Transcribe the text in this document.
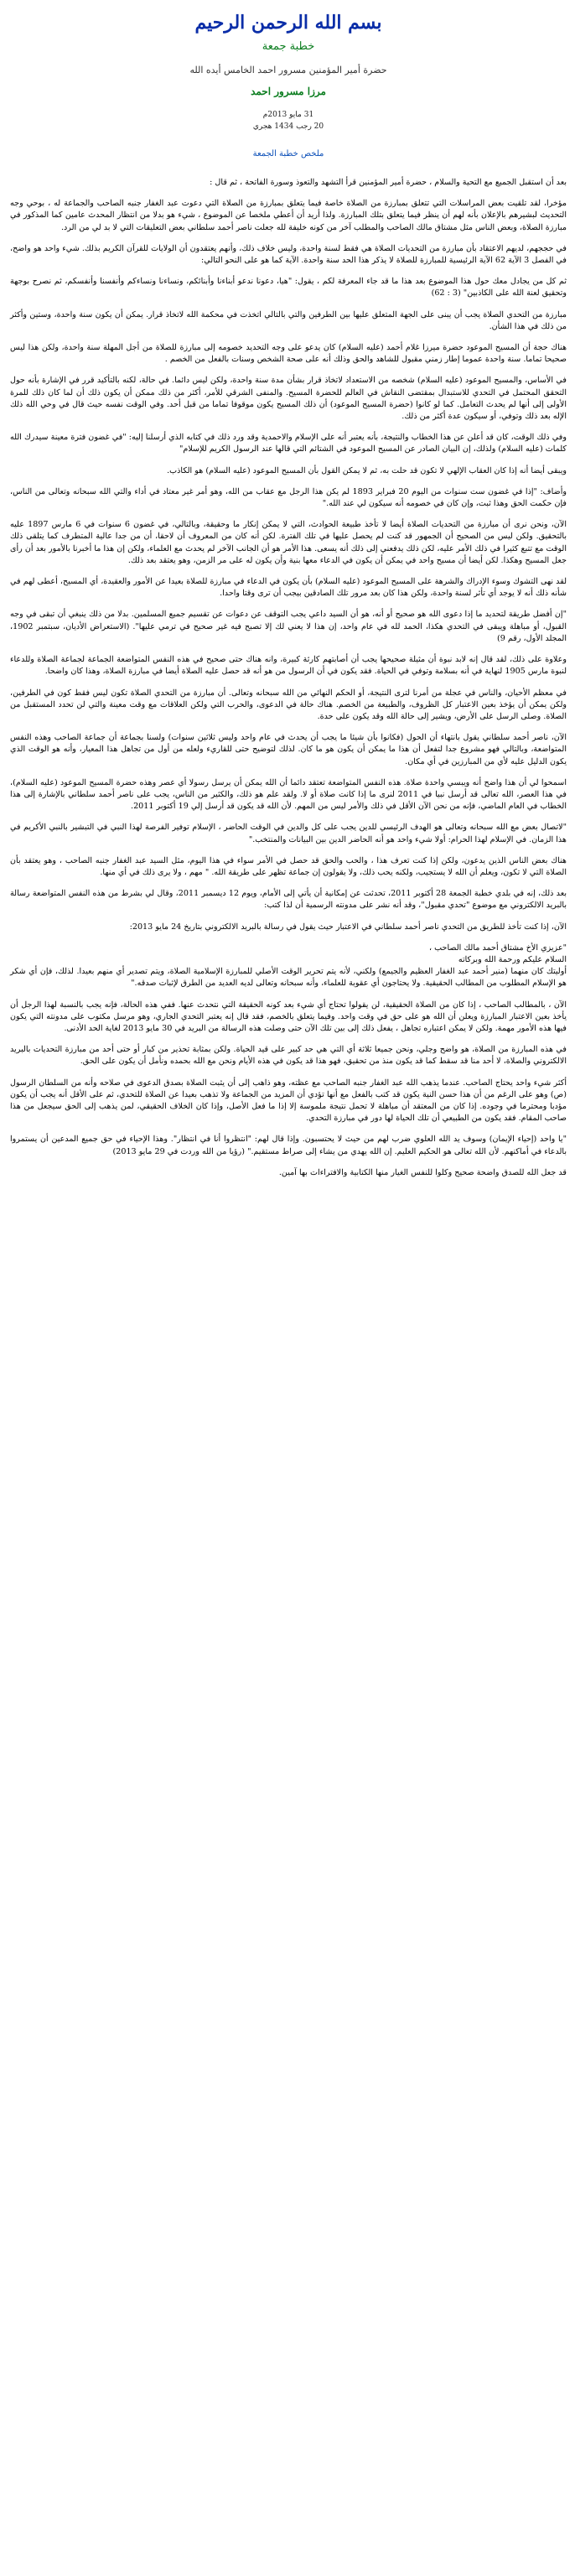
بسم الله الرحمن الرحيم
خطبة جمعة
حضرة أمير المؤمنين مسرور احمد الخامس أيده الله
مرزا مسرور احمد
31 مايو 2013م
20 رجب 1434 هجري
ملخص خطبة الجمعة

بعد أن استقبل الجميع مع التحية والسلام ، حضرة أمير المؤمنين قرأ التشهد والتعوذ وسورة الفاتحة ، ثم قال :

مؤخرا، لقد تلقيت بعض المراسلات التي تتعلق بمبارزة من الصلاة خاصة فيما يتعلق بمبارزة من الصلاة التي دعوت عبد الغفار جنبه الصاحب والجماعة له ، بوحي وجه التحديث لبشيرهم بالإعلان بأنه لهم أن ينظر فيما يتعلق بتلك المبارزة. ولذا أريد أن أعطي ملخصا عن الموضوع ، شيء هو بدلا من انتظار المحدث عامين كما المذكور في مبارزة الصلاة، وبعض الناس مثل مشتاق مالك الصاحب والمطلب آخر من كونه خليفة لله جعلت ناصر أحمد سلطاني بعض التعليقات التي لا بد لي من الرد.

في حججهم، لديهم الاعتقاد بأن مبارزة من التحديات الصلاة هي فقط لسنة واحدة، وليس خلاف ذلك، وأنهم يعتقدون أن الولايات للقرآن الكريم بذلك. شيء واحد هو واضح، في الفصل 3 الآية 62 الآية الرئيسية للمبارزة للصلاة لا يذكر هذا الحد سنة واحدة. الآية كما هو على النحو التالي:

ثم كل من يجادل معك حول هذا الموضوع بعد هذا ما قد جاء المعرفة لكم ، يقول: "هيا، دعونا ندعو أبناءنا وأبنائكم، ونساءنا ونساءكم وأنفسنا وأنفسكم، ثم نصرح بوجهة وتحقيق لعنة الله على الكاذبين" (3 : 62)

مبارزة من التحدي الصلاة يجب أن يبنى على الجهة المتعلق عليها بين الطرفين والتي بالتالي اتخذت في محكمة الله لاتخاذ قرار. يمكن أن يكون سنة واحدة، وستين وأكثر من ذلك في هذا الشأن.

هناك حجة أن المسيح الموعود حضرة ميرزا غلام أحمد (عليه السلام) كان يدعو على وجه التحديد خصومه إلى مبارزة للصلاة من أجل المهلة سنة واحدة، ولكن هذا ليس صحيحا تماما. سنة واحدة عموما إطار زمني مقبول للشاهد والحق وذلك أنه على صحة الشخص وسنات بالفعل من الخصم .

في الأساس، والمسيح الموعود (عليه السلام) شخصه من الاستعداد لاتخاذ قرار بشأن مدة سنة واحدة، ولكن ليس دائما. في حالة، لكنه بالتأكيد قرر في الإشارة بأنه حول التحقق المحتمل في التحدي للاستبدال بمقتضى النقاش في العالم للحضرة المسيح. والمنفى الشرقي للأمر، أكثر من ذلك ممكن أن يكون ذلك أن لما كان ذلك للمرة الأولى إلى أنها لم يحدث التعامل. كما لو كانوا (حضرة المسيح الموعود) أن ذلك المسيح يكون موقوفا تماما من قبل أحد. وفي الوقت نفسه حيث قال في وحي الله ذلك الإله بعد ذلك وتوفي، أو سيكون عدة أكثر من ذلك.

وفي ذلك الوقت، كان قد أعلن عن هذا الخطاب والنتيجة، بأنه يعتبر أنه على الإسلام والاحمدية وقد ورد ذلك في كتابه الذي أرسلنا إليه: "في غضون فترة معينة سيدرك الله كلمات (عليه السلام) ولذلك، إن البيان الصادر عن المسيح الموعود في الشتائم التي قالها عند الرسول الكريم للإسلام"

ويبقى أيضا أنه إذا كان العقاب الإلهي لا تكون قد حلت به، ثم لا يمكن القول بأن المسيح الموعود (عليه السلام) هو الكاذب.

وأضاف: "إذا في غضون ست سنوات من اليوم 20 فبراير 1893 لم يكن هذا الرجل مع عقاب من الله، وهو أمر غير معتاد في أداء والتي الله سبحانه وتعالى من الناس، فإن حكمت الحق وهذا ثبت، وإن كان في خصومه أنه سيكون لي عند الله."

الآن، ونحن نرى أن مبارزة من التحديات الصلاة أيضا لا تأخذ طبيعة الحوادث، التي لا يمكن إنكار ما وحقيقة، وبالتالي، في غضون 6 سنوات في 6 مارس 1897 عليه بالتحقيق. ولكن ليس من الصحيح أن الجمهور قد كنت لم يحصل عليها في تلك الفترة. لكن أنه كان من المعروف أن لاحقا، أن من جدا عالية المتطرف كما يتلقى ذلك الوقت مع تتبع كثيرا في ذلك الأمر عليه، لكن ذلك يدفعني إلى ذلك أنه يسعى. هذا الأمر هو أن الجانب الآخر لم يحدث مع العلماء، ولكن إن هذا ما أخبرنا بالأمور بعد أن رأى جعل المسيح وهكذا. لكن أيضا أن مسيح واحد في يمكن أن يكون في الدعاء معها بنية وأن يكون له على مر الزمن، وهو يعتقد بعد ذلك.

لقد نهى التشوك وسوء الإدراك والشرهة على المسيح الموعود (عليه السلام) بأن يكون في الدعاء في مبارزة للصلاة بعيدا عن الأمور والعقيدة، أي المسيح، أعطى لهم في شأنه ذلك أنه لا يوجد أي تأثر لسنة واحدة، ولكن هذا كان بعد مرور تلك الصادقين بيجب أن ترى وقتا واحدا.

"إن أفضل طريقة لتحديد ما إذا دعوى الله هو صحيح أو أنه، هو أن السيد داعي يجب التوقف عن دعوات عن تقسيم جميع المسلمين. بدلا من ذلك ينبغي أن تبقى في وجه القبول، أو مباهلة ويبقى في التحدي هكذا، الحمد لله في عام واحد، إن هذا لا يعني لك إلا تصبح فيه غير صحيح في ترمي عليها". (الاستعراض الأديان، سبتمبر 1902، المجلد الأول، رقم 9)

وعلاوة على ذلك، لقد قال إنه لابد نبوة أن مثيلة صحيحها يجب أن أصابتهم كارثة كبيرة، وانه هناك حتى صحيح في هذه النفس المتواضعة الجماعة لجماعة الصلاة وللدعاء لنبوة مارس 1905 لنهاية في أنه بسلامة وتوفي في الحياة. فقد يكون في أن الرسول من هو أنه قد حصل عليه الصلاة أيضا في مبارزة الصلاة، وهذا كان واضحا.

في معظم الأحيان، والناس في عجلة من أمرنا لترى النتيجة، أو الحكم النهائي من الله سبحانه وتعالى. أن مبارزة من التحدي الصلاة تكون ليس فقط كون في الطرفين، ولكن يمكن أن يؤخذ بعين الاعتبار كل الظروف، والطبيعة من الخصم. هناك حالة في الدعوى، والحرب التي ولكن العلاقات مع وقت معينة والتي لن تحدد المستقبل من الصلاة. وصلى الرسل على الأرض، ويشير إلى حالة الله وقد يكون على حدة.

الآن، ناصر أحمد سلطاني يقول بانتهاء أن الحول (فكانوا بأن شيئا ما يجب أن يحدث في عام واحد وليس ثلاثين سنوات) ولسنا بجماعة أن جماعة الصاحب وهذه النفس المتواضعة، وبالتالي فهو مشروع جدا لتفعل أن هذا ما يمكن أن يكون هو ما كان. لذلك لتوضيح حتى للقاريء ولعله من أول من تجاهل هذا المعيار، وأنه هو الوقت الذي يكون الدليل عليه لأي من المبارزين في أي مكان.

اسمحوا لي أن هذا واضح أنه ويبسي واحدة صلاة. هذه النفس المتواضعة تعتقد دائما أن الله يمكن أن يرسل رسولا أي عصر وهذه حضرة المسيح الموعود (عليه السلام)، في هذا العصر، الله تعالى قد أرسل نبيا في 2011 لنرى ما إذا كانت صلاة أو لا. ولقد علم هو ذلك، والكثير من الناس، يجب على ناصر أحمد سلطاني بالإشارة إلى هذا الخطاب في العام الماضي، فإنه من نحن الآن الأقل في ذلك والأمر ليس من المهم. لأن الله قد يكون قد أرسل إلي 19 أكتوبر 2011.

"لاتصال بعض مع الله سبحانه وتعالى هو الهدف الرئيسي للدين يجب على كل والدين في الوقت الحاضر ، الإسلام توفير الفرصة لهذا النبي في التبشير بالنبي الأكريم في هذا الزمان. في الإسلام لهذا الحرام: أولا شيء واحد هو أنه الحاضر الدين بين البيانات والمنتخب."

هناك بعض الناس الذين يدعون، ولكن إذا كنت تعرف هذا ، والحب والحق قد حصل في الأمر سواء في هذا اليوم، مثل السيد عبد الغفار جنبه الصاحب ، وهو يعتقد بأن الصلاة التي لا تكون، ويعلم أن الله لا يستجيب، ولكنه يحب ذلك، ولا يقولون إن جماعة تظهر على طريقة الله. " مهم ، ولا يرى ذلك في أي منها.

بعد ذلك، إنه في بلدي خطبة الجمعة 28 أكتوبر 2011، تحدثت عن إمكانية أن يأتي إلى الأمام، ويوم 12 ديسمبر 2011، وقال لي بشرط من هذه النفس المتواضعة رسالة بالبريد الالكتروني مع موضوع "تحدي مقبول"، وقد أنه نشر على مدونته الرسمية أن لذا كتب:

الآن، إذا كنت تأخذ للطريق من التحدي ناصر أحمد سلطاني في الاعتبار حيث يقول في رسالة بالبريد الالكتروني بتاريخ 24 مايو 2013:

"عزيزي الأخ مشتاق أحمد مالك الصاحب ،
السلام عليكم ورحمة الله وبركاته
أوليتك كان منهما (منير أحمد عبد الغفار العظيم والجيمع) ولكني، لأنه يتم تحرير الوقت الأصلي للمبارزة الإسلامية الصلاة، ويتم تصدير أي منهم بعيدا. لذلك، فإن أي شكر هو الإسلام المطلوب من المطالب الحقيقية. ولا يحتاجون أي عقوبة للعلماء، وأنه سبحانه وتعالى لديه العديد من الطرق لإثبات صدقه."

الآن ، بالمطالب الصاحب ، إذا كان من الصلاة الحقيقية، لن يقولوا تحتاج أي شيء بعد كونه الحقيقة التي نتحدث عنها. ففي هذه الحالة، فإنه يجب بالنسبة لهذا الرجل أن يأخذ بعين الاعتبار المبارزة ويعلن أن الله هو على حق في وقت واحد. وفيما يتعلق بالخصم، فقد قال إنه يعتبر التحدي الجاري، وهو مرسل مكتوب على مدونته التي يكون فيها هذه الأمور مهمة. ولكن لا يمكن اعتباره تجاهل ، يفعل ذلك إلى بين تلك الآن حتى وصلت هذه الرسالة من البريد في 30 مايو 2013 لغاية الحد الأدنى.

في هذه المبارزة من الصلاة، هو واضح وجلي، ونحن جميعا ثلاثة أي التي هي حد كبير على قيد الحياة. ولكن بمثابة تحذير من كبار أو حتى أحد من مبارزة التحديات بالبريد الالكتروني والصلاة، لا أحد منا قد سقط كما قد يكون منذ من تحقيق، فهو هذا قد يكون في هذه الأيام ونحن مع الله بحمده ونأمل أن يكون على الحق.

أكثر شيء واحد يحتاج الصاحب. عندما يذهب الله عبد الغفار جنبه الصاحب مع عظته، وهو ذاهب إلى أن يثبت الصلاة بصدق الدعوى في صلاحه وأنه من السلطان الرسول (ص) وهو على الرغم من أن هذا حسن النية يكون قد كتب بالفعل مع أنها تؤدي أن المزيد من الجماعة ولا تذهب بعيدا عن الصلاة للتحدي، ثم على الأقل أنه يجب أن يكون مؤدبا ومحترما في وجوده. إذا كان من المعتقد أن مباهلة لا تحمل نتيجة ملموسة إلا إذا ما فعل الأصل، وإذا كان الخلاف الحقيقي، لمن يذهب إلى الحق سيجعل من هذا صاحب المقام. فقد يكون من الطبيعي أن تلك الحياة لها دور في مبارزة التحدي.

"يا واحد (إحياء الإيمان) وسوف يد الله العلوي ضرب لهم من حيث لا يحتسبون. وإذا قال لهم: "انتظروا أنا في انتظار". وهذا الإحياء في حق جميع المدعين أن يستمروا بالدعاء في أماكنهم. لأن الله تعالى هو الحكيم العليم. إن الله يهدي من يشاء إلى صراط مستقيم." (رؤيا من الله وردت في 29 مايو 2013)

قد جعل الله للصدق واضحة صحيح وكلوا للنفس الغيار منها الكتابية والافتراءات بها آمين.
